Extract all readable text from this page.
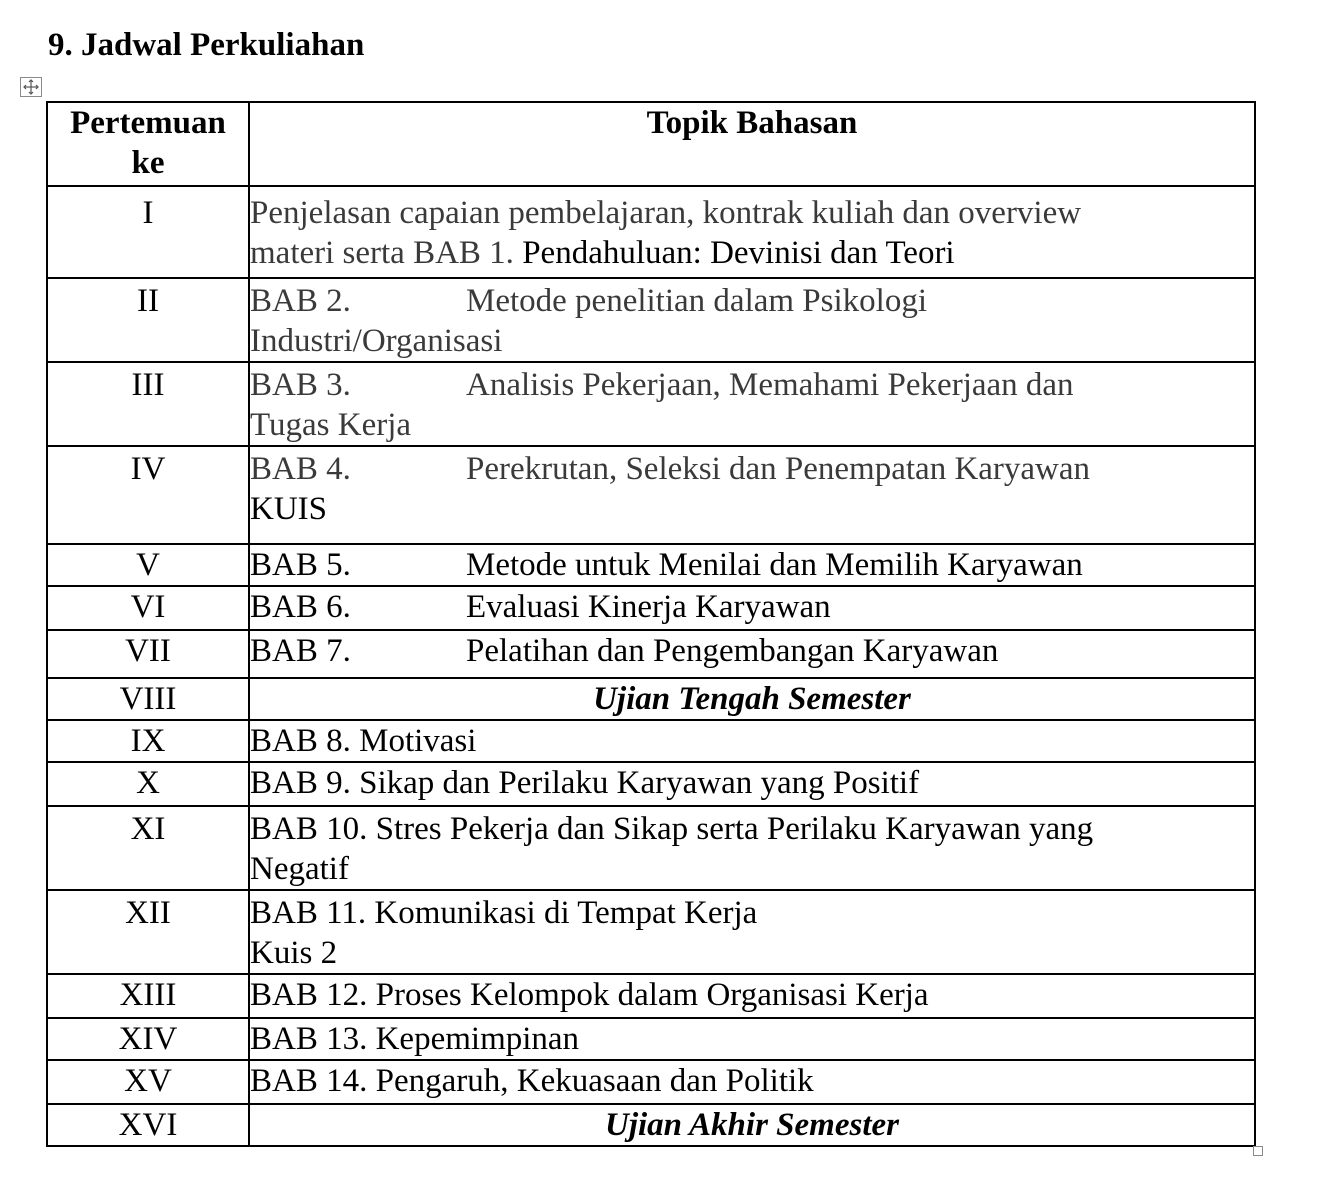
9. Jadwal Perkuliahan
Pertemuan
ke	Topik Bahasan
I	Penjelasan capaian pembelajaran, kontrak kuliah dan overview
materi serta BAB 1. Pendahuluan: Devinisi dan Teori

II	BAB 2. Metode penelitian dalam Psikologi
Industri/Organisasi

III	BAB 3. Analisis Pekerjaan, Memahami Pekerjaan dan
Tugas Kerja

IV	BAB 4. Perekrutan, Seleksi dan Penempatan Karyawan
KUIS

V	BAB 5. Metode untuk Menilai dan Memilih Karyawan
VI	BAB 6. Evaluasi Kinerja Karyawan
VII	BAB 7. Pelatihan dan Pengembangan Karyawan
VIII	Ujian Tengah Semester
IX	BAB 8. Motivasi
X	BAB 9. Sikap dan Perilaku Karyawan yang Positif
XI	BAB 10. Stres Pekerja dan Sikap serta Perilaku Karyawan yang
Negatif

XII	BAB 11. Komunikasi di Tempat Kerja
Kuis 2

XIII	BAB 12. Proses Kelompok dalam Organisasi Kerja
XIV	BAB 13. Kepemimpinan
XV	BAB 14. Pengaruh, Kekuasaan dan Politik
XVI	Ujian Akhir Semester
